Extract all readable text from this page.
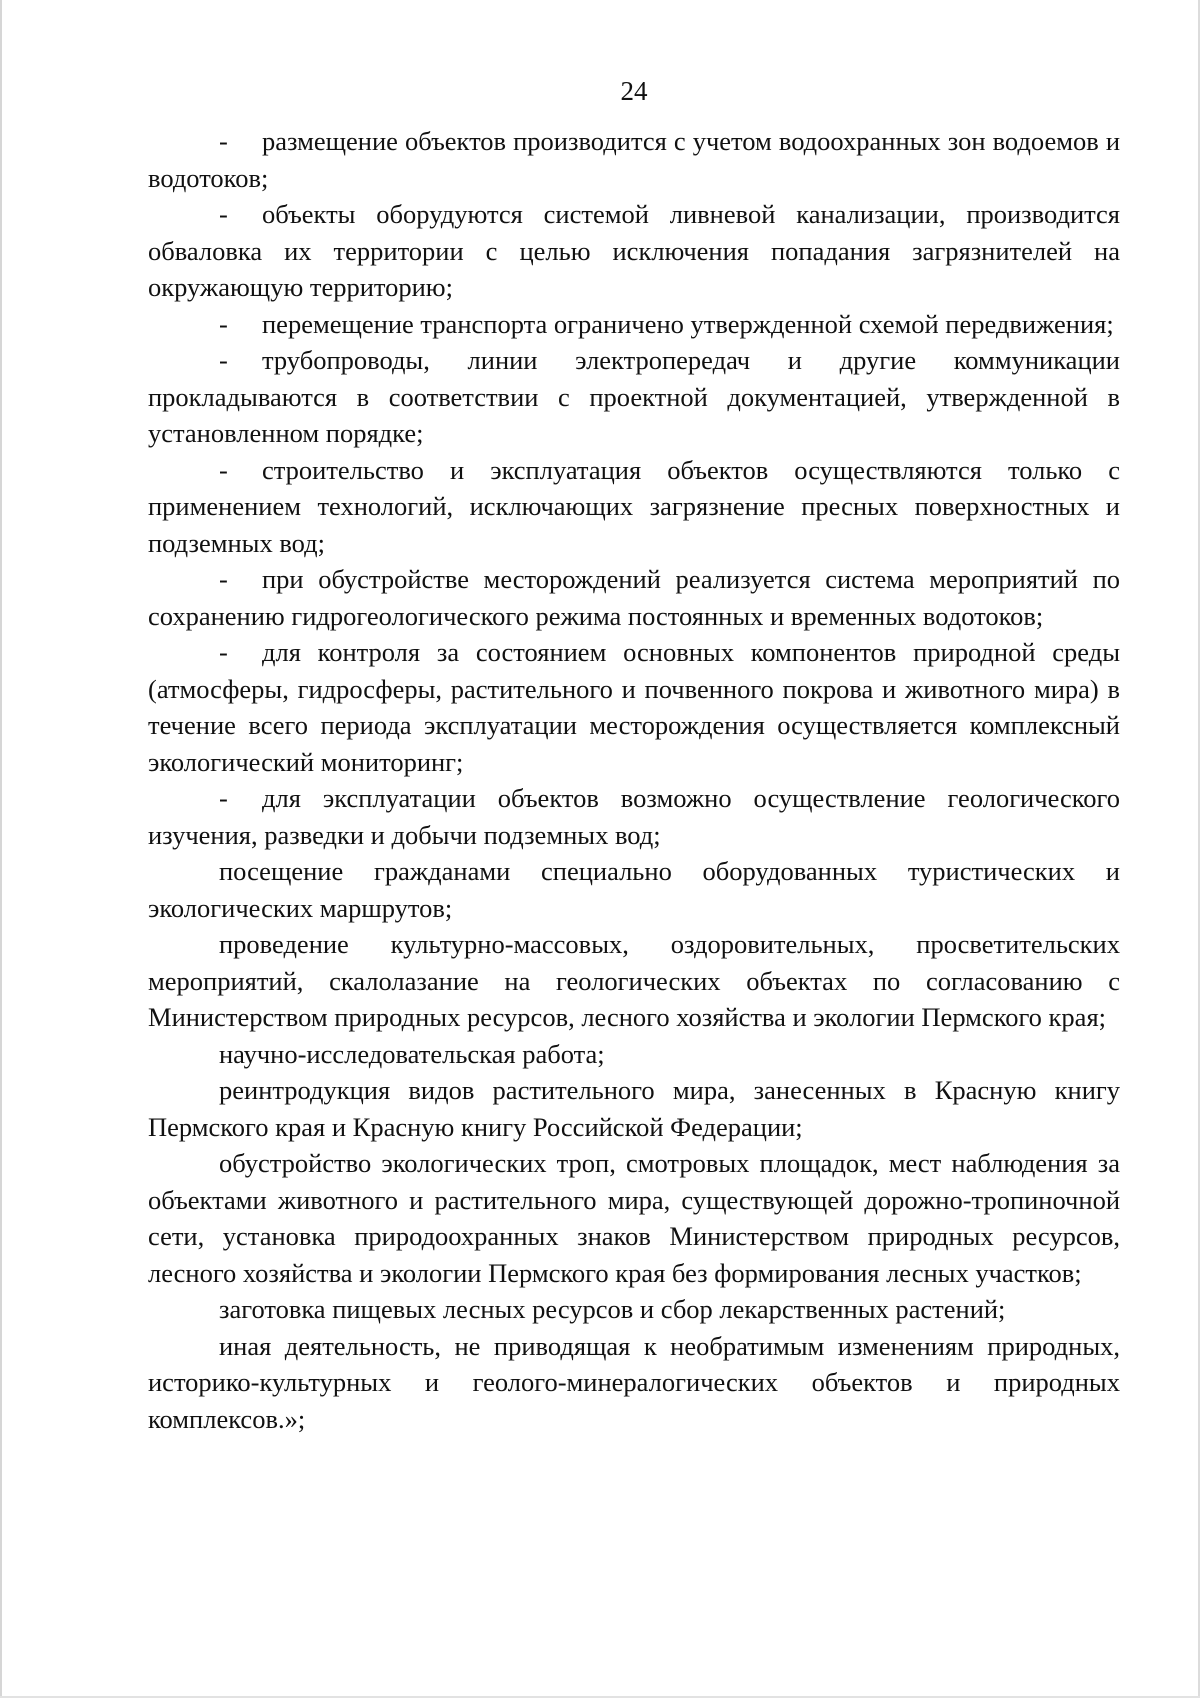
24

- размещение объектов производится с учетом водоохранных зон водоемов и водотоков;

- объекты оборудуются системой ливневой канализации, производится обваловка их территории с целью исключения попадания загрязнителей на окружающую территорию;

- перемещение транспорта ограничено утвержденной схемой передвижения;

- трубопроводы, линии электропередач и другие коммуникации прокладываются в соответствии с проектной документацией, утвержденной в установленном порядке;

- строительство и эксплуатация объектов осуществляются только с применением технологий, исключающих загрязнение пресных поверхностных и подземных вод;

- при обустройстве месторождений реализуется система мероприятий по сохранению гидрогеологического режима постоянных и временных водотоков;

- для контроля за состоянием основных компонентов природной среды (атмосферы, гидросферы, растительного и почвенного покрова и животного мира) в течение всего периода эксплуатации месторождения осуществляется комплексный экологический мониторинг;

- для эксплуатации объектов возможно осуществление геологического изучения, разведки и добычи подземных вод;

посещение гражданами специально оборудованных туристических и экологических маршрутов;

проведение культурно-массовых, оздоровительных, просветительских мероприятий, скалолазание на геологических объектах по согласованию с Министерством природных ресурсов, лесного хозяйства и экологии Пермского края;

научно-исследовательская работа;

реинтродукция видов растительного мира, занесенных в Красную книгу Пермского края и Красную книгу Российской Федерации;

обустройство экологических троп, смотровых площадок, мест наблюдения за объектами животного и растительного мира, существующей дорожно-тропиночной сети, установка природоохранных знаков Министерством природных ресурсов, лесного хозяйства и экологии Пермского края без формирования лесных участков;

заготовка пищевых лесных ресурсов и сбор лекарственных растений;

иная деятельность, не приводящая к необратимым изменениям природных, историко-культурных и геолого-минералогических объектов и природных комплексов.»;
